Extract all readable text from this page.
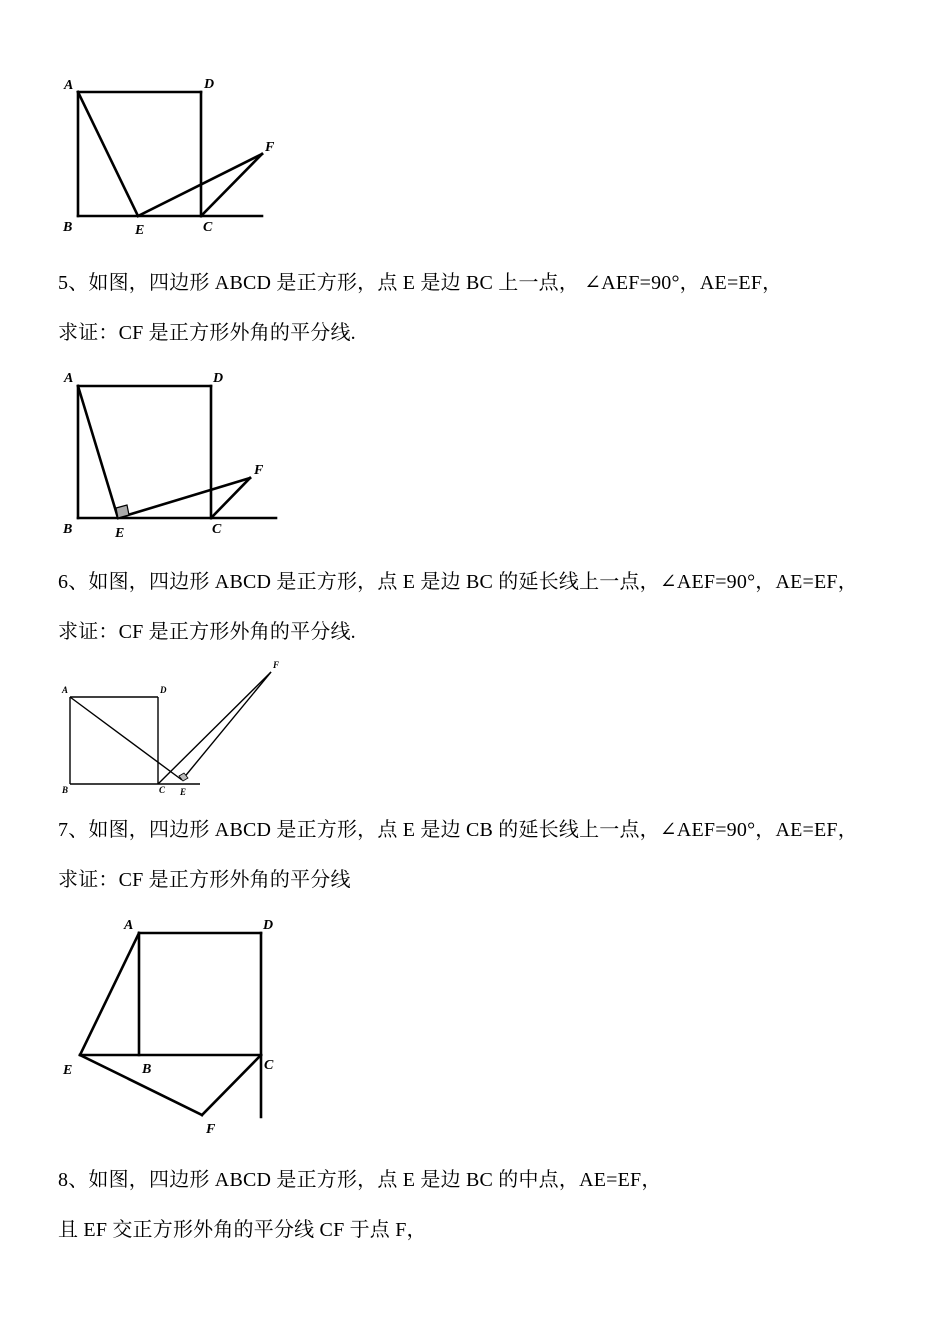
A	D
F
B	E	C
5、如图，四边形 ABCD 是正方形，点 E 是边 BC 上一点， ∠AEF=90°，AE=EF，
求证：CF 是正方形外角的平分线.
A	D
F
B	E	C
6、如图，四边形 ABCD 是正方形，点 E 是边 BC 的延长线上一点，∠AEF=90°，AE=EF，
求证：CF 是正方形外角的平分线.
A	D
F
B	C E
7、如图，四边形 ABCD 是正方形，点 E 是边 CB 的延长线上一点，∠AEF=90°，AE=EF，
求证：CF 是正方形外角的平分线
A	D
E	B	C
F
8、如图，四边形 ABCD 是正方形，点 E 是边 BC 的中点，AE=EF，
且 EF 交正方形外角的平分线 CF 于点 F，
